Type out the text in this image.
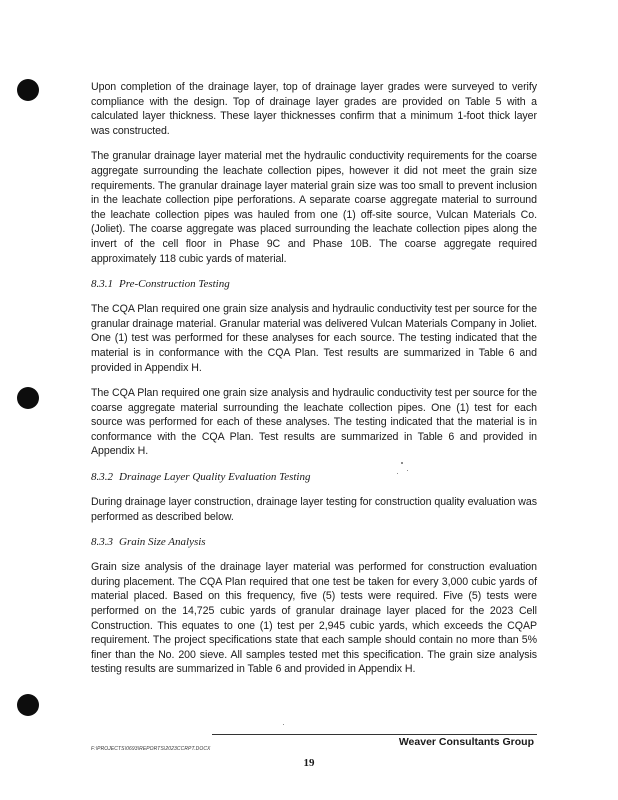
Upon completion of the drainage layer, top of drainage layer grades were surveyed to verify compliance with the design. Top of drainage layer grades are provided on Table 5 with a calculated layer thickness. These layer thicknesses confirm that a minimum 1-foot thick layer was constructed.

The granular drainage layer material met the hydraulic conductivity requirements for the coarse aggregate surrounding the leachate collection pipes, however it did not meet the grain size requirements. The granular drainage layer material grain size was too small to prevent inclusion in the leachate collection pipe perforations. A separate coarse aggregate material to surround the leachate collection pipes was hauled from one (1) off-site source, Vulcan Materials Co. (Joliet). The coarse aggregate was placed surrounding the leachate collection pipes along the invert of the cell floor in Phase 9C and Phase 10B. The coarse aggregate required approximately 118 cubic yards of material.

8.3.1 Pre-Construction Testing

The CQA Plan required one grain size analysis and hydraulic conductivity test per source for the granular drainage material. Granular material was delivered Vulcan Materials Company in Joliet. One (1) test was performed for these analyses for each source. The testing indicated that the material is in conformance with the CQA Plan. Test results are summarized in Table 6 and provided in Appendix H.

The CQA Plan required one grain size analysis and hydraulic conductivity test per source for the coarse aggregate material surrounding the leachate collection pipes. One (1) test for each source was performed for each of these analyses. The testing indicated that the material is in conformance with the CQA Plan. Test results are summarized in Table 6 and provided in Appendix H.

8.3.2 Drainage Layer Quality Evaluation Testing

During drainage layer construction, drainage layer testing for construction quality evaluation was performed as described below.

8.3.3 Grain Size Analysis

Grain size analysis of the drainage layer material was performed for construction evaluation during placement. The CQA Plan required that one test be taken for every 3,000 cubic yards of material placed. Based on this frequency, five (5) tests were required. Five (5) tests were performed on the 14,725 cubic yards of granular drainage layer placed for the 2023 Cell Construction. This equates to one (1) test per 2,945 cubic yards, which exceeds the CQAP requirement. The project specifications state that each sample should contain no more than 5% finer than the No. 200 sieve. All samples tested met this specification. The grain size analysis testing results are summarized in Table 6 and provided in Appendix H.

Weaver Consultants Group
F:\PROJECTS\0693\REPORTS\2023CCRPT.DOCX
19
